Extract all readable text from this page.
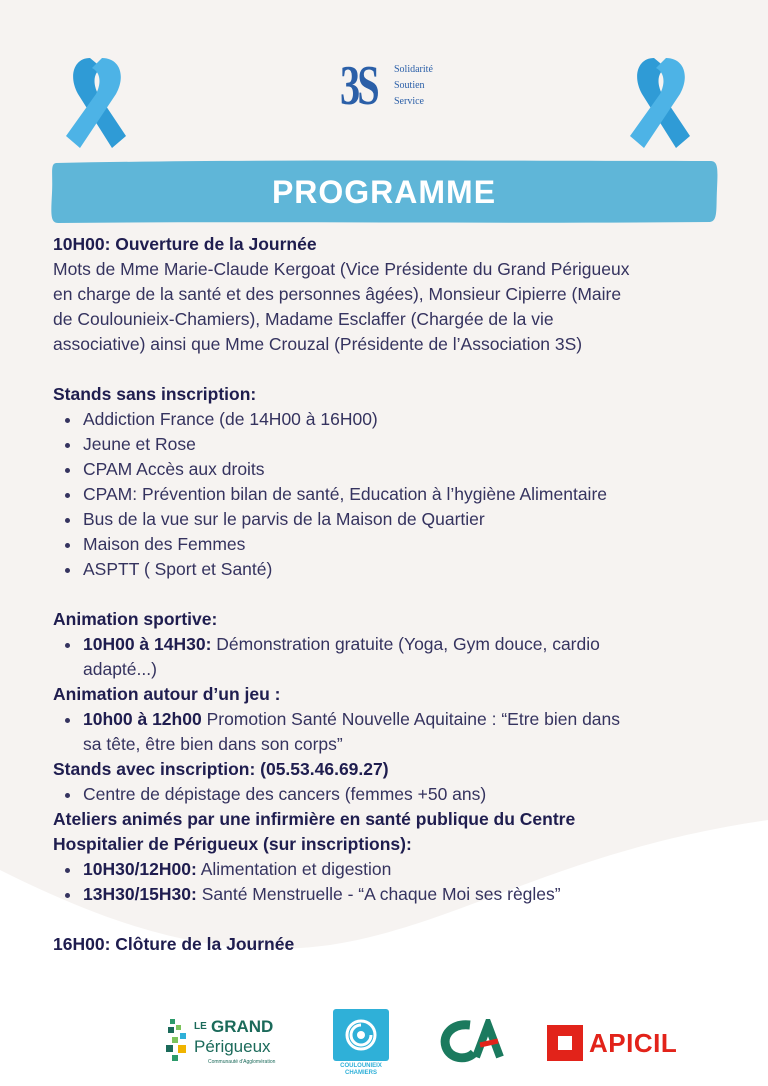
3S	Solidarité
Soutien
Service
PROGRAMME
10H00: Ouverture de la Journée
Mots de Mme Marie-Claude Kergoat (Vice Présidente du Grand Périgueux
en charge de la santé et des personnes âgées), Monsieur Cipierre (Maire
de Coulounieix-Chamiers), Madame Esclaffer (Chargée de la vie
associative) ainsi que Mme Crouzal (Présidente de l’Association 3S)
Stands sans inscription:
Addiction France (de 14H00 à 16H00)
Jeune et Rose
CPAM Accès aux droits
CPAM: Prévention bilan de santé, Education à l’hygiène Alimentaire
Bus de la vue sur le parvis de la Maison de Quartier
Maison des Femmes
ASPTT ( Sport et Santé)
Animation sportive:
10H00 à 14H30: Démonstration gratuite (Yoga, Gym douce, cardio
adapté...)
Animation autour d’un jeu :
10h00 à 12h00 Promotion Santé Nouvelle Aquitaine : “Etre bien dans
sa tête, être bien dans son corps”
Stands avec inscription: (05.53.46.69.27)
Centre de dépistage des cancers (femmes +50 ans)
Ateliers animés par une infirmière en santé publique du Centre
Hospitalier de Périgueux (sur inscriptions):
10H30/12H00: Alimentation et digestion
13H30/15H30: Santé Menstruelle - “A chaque Moi ses règles”
16H00: Clôture de la Journée
LE GRAND
Périgueux
Communauté d'Agglomération
COULOUNIEIX
CHAMIERS
APICIL
